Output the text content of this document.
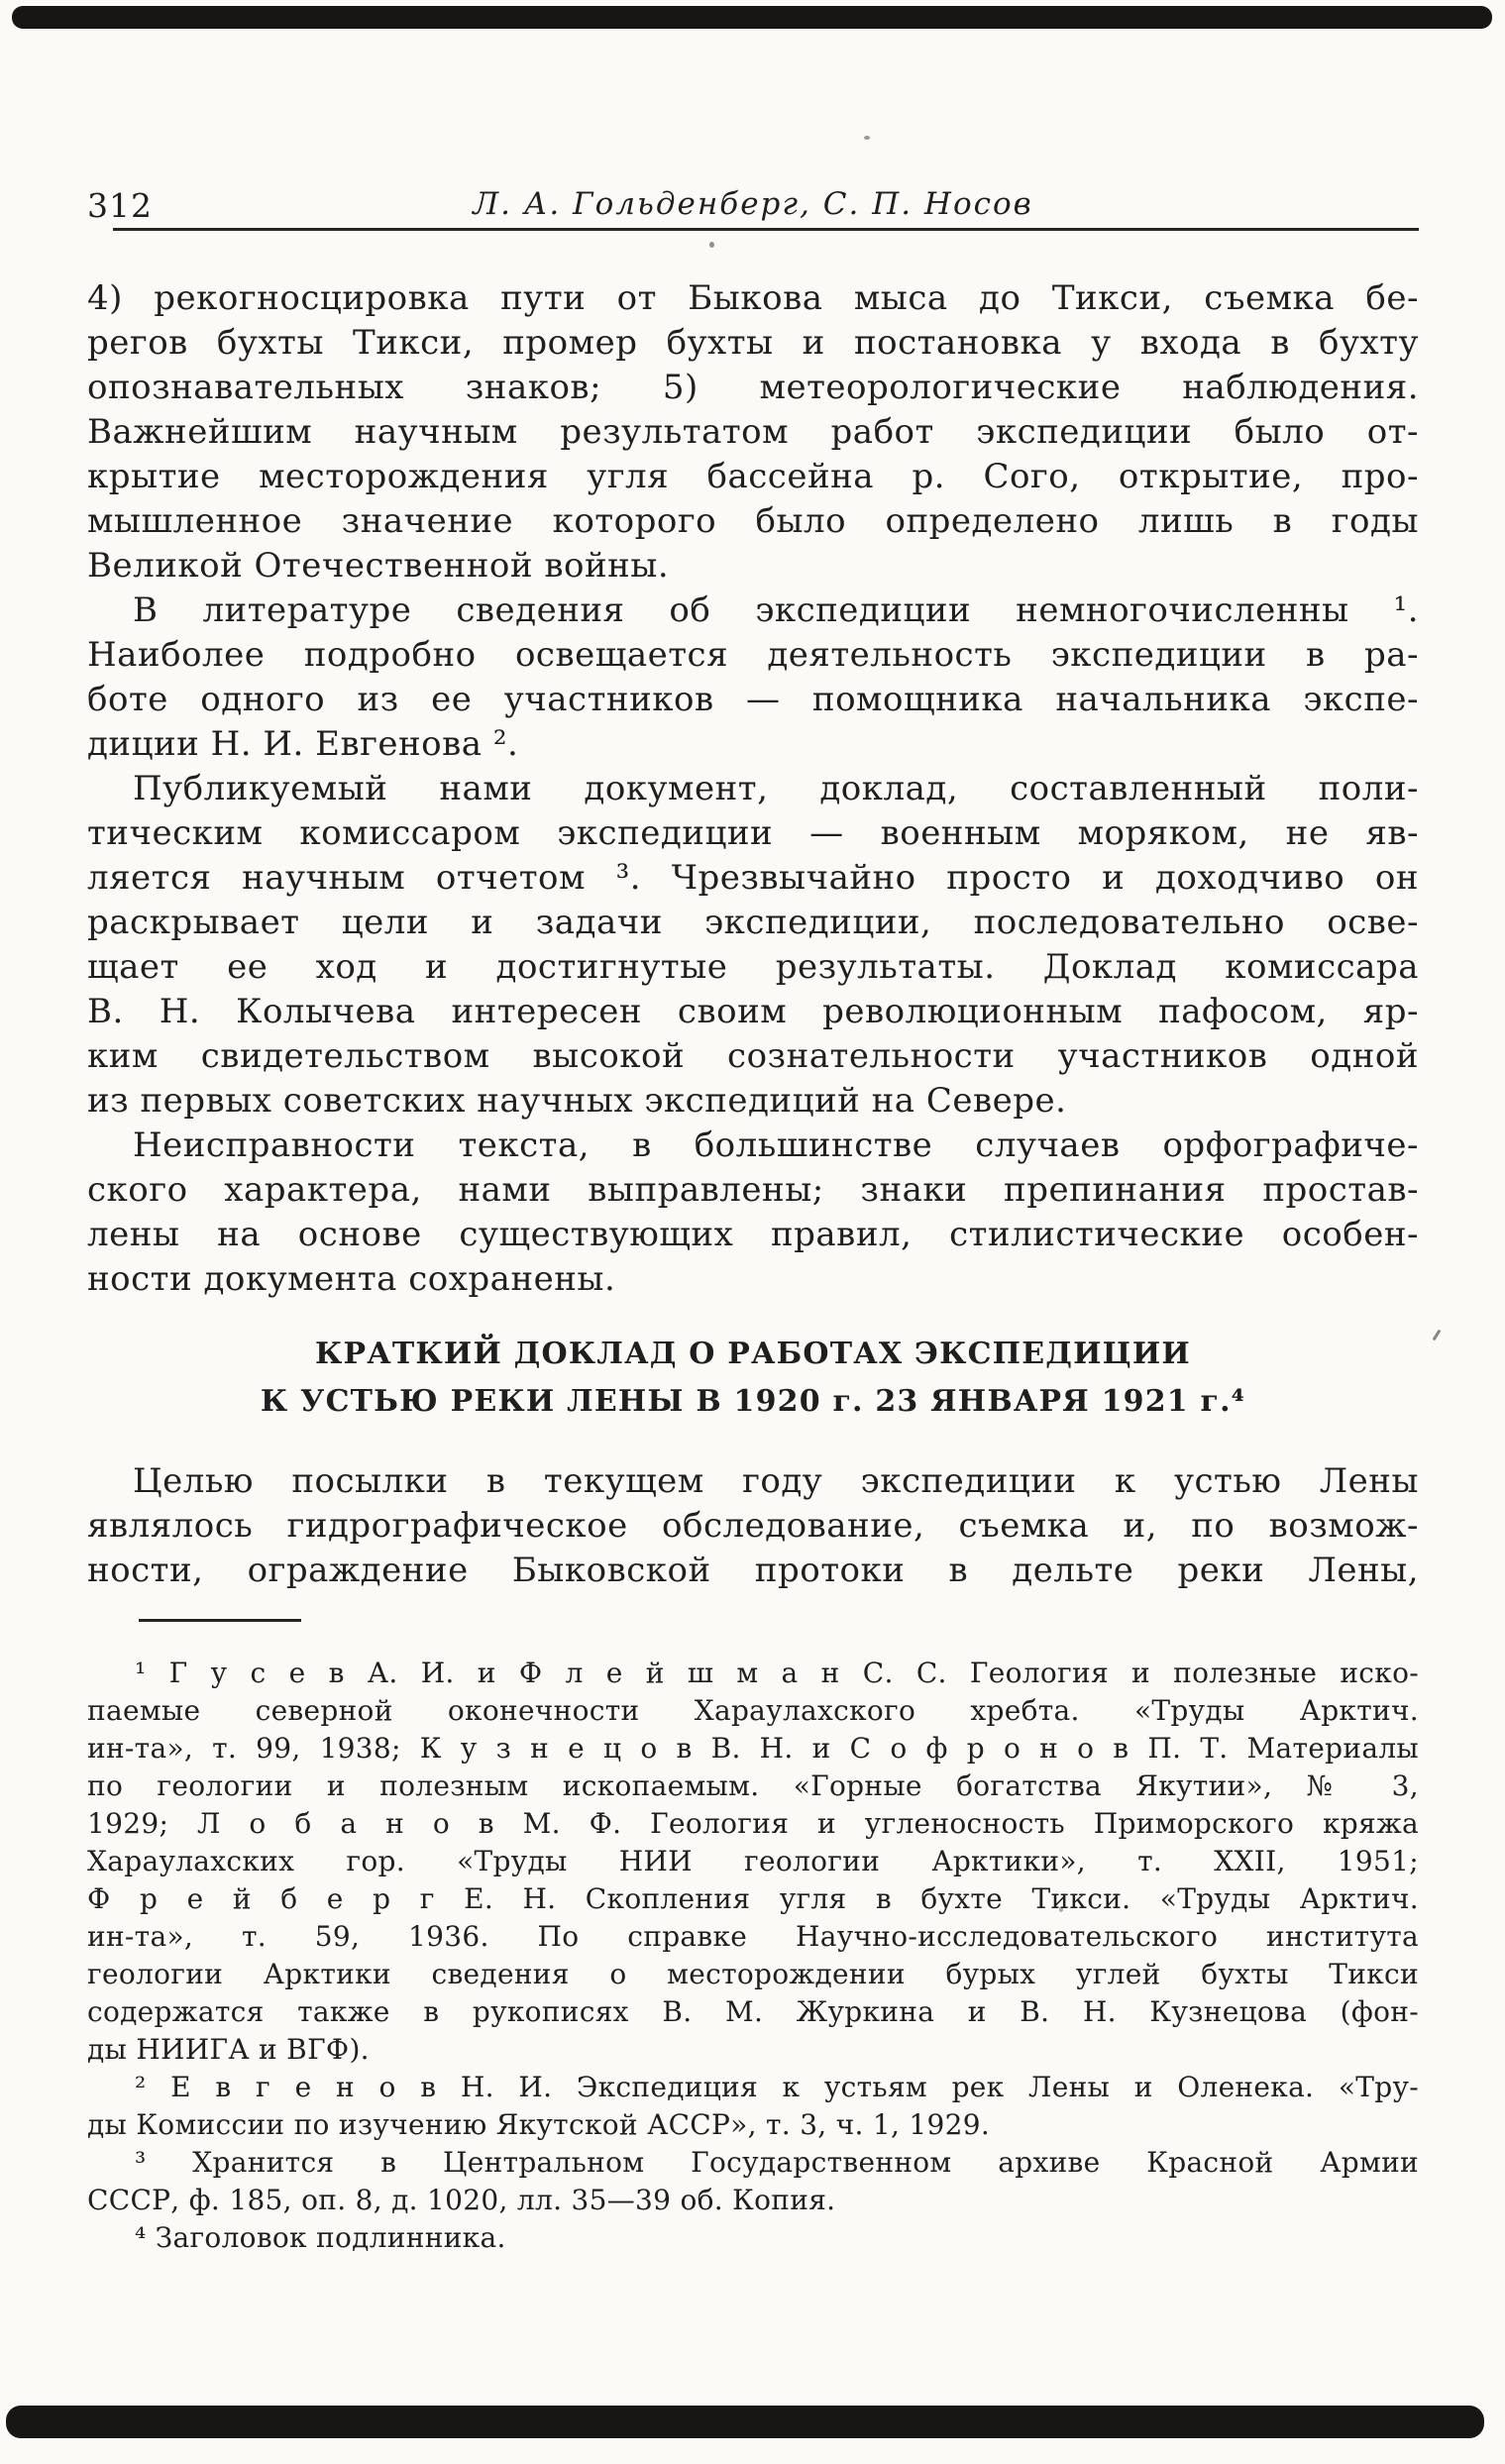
312	Л. А. Гольденберг, С. П. Носов
4) рекогносцировка пути от Быкова мыса до Тикси, съемка бе-
регов бухты Тикси, промер бухты и постановка у входа в бухту
опознавательных знаков; 5) метеорологические наблюдения.
Важнейшим научным результатом работ экспедиции было от-
крытие месторождения угля бассейна р. Сого, открытие, про-
мышленное значение которого было определено лишь в годы
Великой Отечественной войны.
В литературе сведения об экспедиции немногочисленны ¹.
Наиболее подробно освещается деятельность экспедиции в ра-
боте одного из ее участников — помощника начальника экспе-
диции Н. И. Евгенова ².
Публикуемый нами документ, доклад, составленный поли-
тическим комиссаром экспедиции — военным моряком, не яв-
ляется научным отчетом ³. Чрезвычайно просто и доходчиво он
раскрывает цели и задачи экспедиции, последовательно осве-
щает ее ход и достигнутые результаты. Доклад комиссара
В. Н. Колычева интересен своим революционным пафосом, яр-
ким свидетельством высокой сознательности участников одной
из первых советских научных экспедиций на Севере.
Неисправности текста, в большинстве случаев орфографиче-
ского характера, нами выправлены; знаки препинания простав-
лены на основе существующих правил, стилистические особен-
ности документа сохранены.
КРАТКИЙ ДОКЛАД О РАБОТАХ ЭКСПЕДИЦИИ
К УСТЬЮ РЕКИ ЛЕНЫ В 1920 г. 23 ЯНВАРЯ 1921 г.⁴
Целью посылки в текущем году экспедиции к устью Лены
являлось гидрографическое обследование, съемка и, по возмож-
ности, ограждение Быковской протоки в дельте реки Лены,
¹ Г у с е в А. И. и Ф л е й ш м а н С. С. Геология и полезные иско-
паемые северной оконечности Хараулахского хребта. «Труды Арктич.
ин-та», т. 99, 1938; К у з н е ц о в В. Н. и С о ф р о н о в П. Т. Материалы
по геологии и полезным ископаемым. «Горные богатства Якутии», № 3,
1929; Л о б а н о в М. Ф. Геология и угленосность Приморского кряжа
Хараулахских гор. «Труды НИИ геологии Арктики», т. XXII, 1951;
Ф р е й б е р г Е. Н. Скопления угля в бухте Тикси. «Труды Арктич.
ин-та», т. 59, 1936. По справке Научно-исследовательского института
геологии Арктики сведения о месторождении бурых углей бухты Тикси
содержатся также в рукописях В. М. Журкина и В. Н. Кузнецова (фон-
ды НИИГА и ВГФ).
² Е в г е н о в Н. И. Экспедиция к устьям рек Лены и Оленека. «Тру-
ды Комиссии по изучению Якутской АССР», т. 3, ч. 1, 1929.
³ Хранится в Центральном Государственном архиве Красной Армии
СССР, ф. 185, оп. 8, д. 1020, лл. 35—39 об. Копия.
⁴ Заголовок подлинника.
